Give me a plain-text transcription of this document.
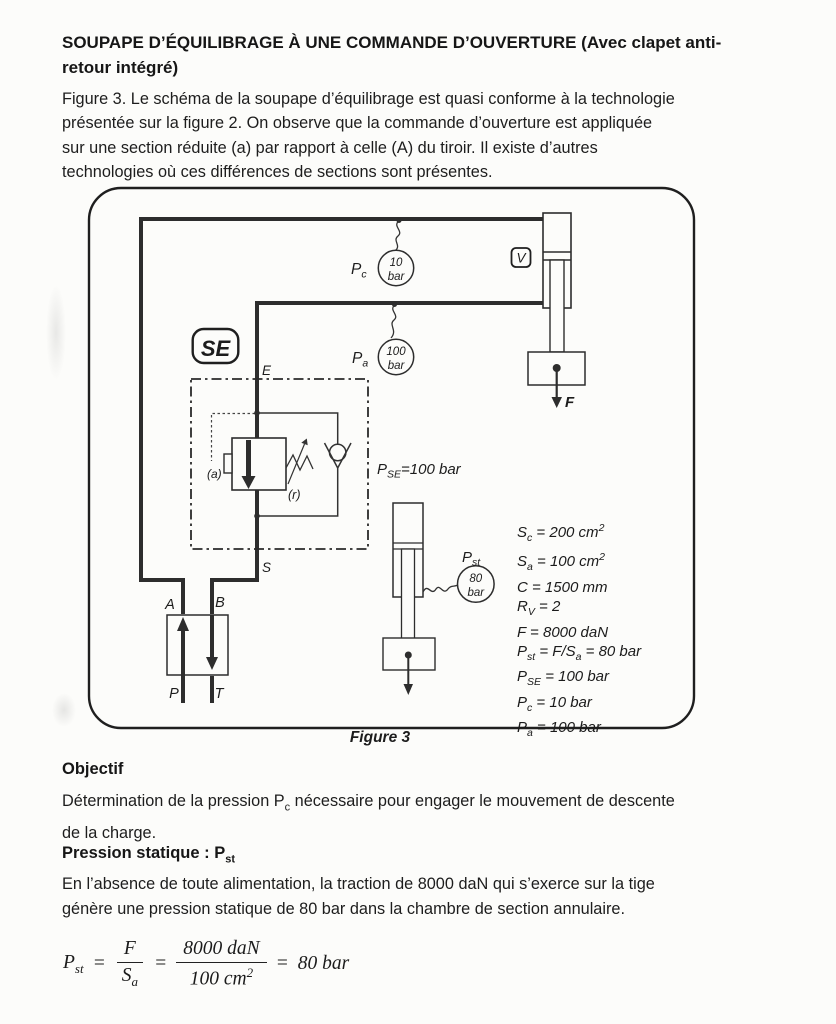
SOUPAPE D’ÉQUILIBRAGE À UNE COMMANDE D’OUVERTURE (Avec clapet anti-
retour intégré)
Figure 3. Le schéma de la soupape d’équilibrage est quasi conforme à la technologie
présentée sur la figure 2. On observe que la commande d’ouverture est appliquée
sur une section réduite (a) par rapport à celle (A) du tiroir. Il existe d’autres
technologies où ces différences de sections sont présentes.
10
bar
$P_c$
100
bar
$P_a$
80
bar
$P_{st}$
SE
V
E
S
A	B
P T
F
(a)
(r)
$P_{SE}=100$ bar
$S_c = 200$ $cm^2$
$S_a = 100$ $cm^2$
C = 1500 mm
$R_V = 2$
F = 8000 daN
$P_{st} = F/S_a = 80$ bar
$P_{SE} = 100$ bar
$P_c = 10$ bar
$P_a = 100$ bar
Figure 3
Objectif
Détermination de la pression $P_c$ nécessaire pour engager le mouvement de descente
de la charge.
Pression statique : $P_{st}$
En l’absence de toute alimentation, la traction de 8000 daN qui s’exerce sur la tige
génère une pression statique de 80 bar dans la chambre de section annulaire.
$P_{st} = \frac{F}{S_a} = \frac{\text{8000 daN}}{100 cm^2} = 80$ bar
